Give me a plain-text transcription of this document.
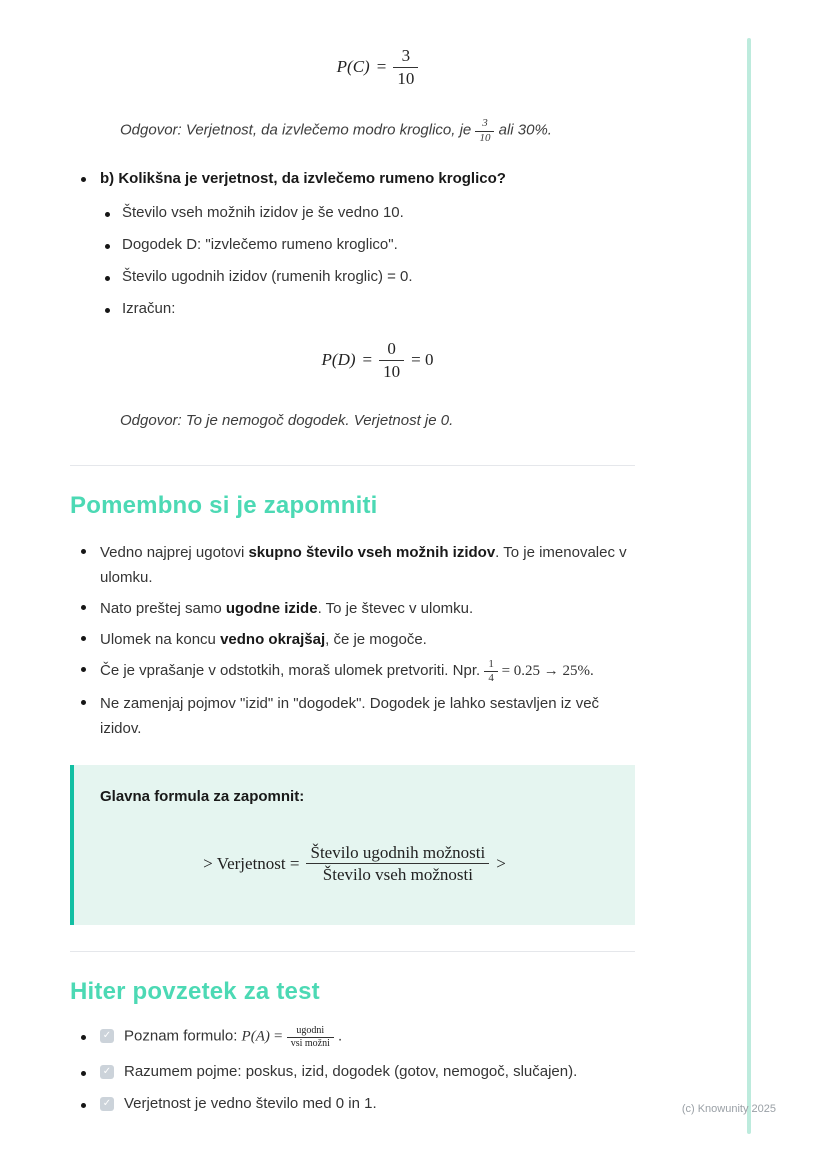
$P(C) = \frac{3}{10}$

Odgovor: Verjetnost, da izvlečemo modro kroglico, je $\frac{3}{10}$ ali 30%.

b) Kolikšna je verjetnost, da izvlečemo rumeno kroglico?
Število vseh možnih izidov je še vedno 10.
Dogodek D: "izvlečemo rumeno kroglico".
Število ugodnih izidov (rumenih kroglic) = 0.
Izračun:
$P(D) = \frac{0}{10} = 0$

Odgovor: To je nemogoč dogodek. Verjetnost je 0.

Pomembno si je zapomniti
Vedno najprej ugotovi skupno število vseh možnih izidov. To je imenovalec v ulomku.
Nato preštej samo ugodne izide. To je števec v ulomku.
Ulomek na koncu vedno okrajšaj, če je mogoče.
Če je vprašanje v odstotkih, moraš ulomek pretvoriti. Npr. $\frac{1}{4} = 0.25 \to 25\%$.
Ne zamenjaj pojmov "izid" in "dogodek". Dogodek je lahko sestavljen iz več izidov.
Glavna formula za zapomnit:
> Verjetnost = $\frac{\text{Število ugodnih možnosti}}{\text{Število vseh možnosti}}$ >
Hiter povzetek za test
✓ Poznam formulo: $P(A) = \frac{\text{ugodni}}{\text{vsi možni}}$ .
✓ Razumem pojme: poskus, izid, dogodek (gotov, nemogoč, slučajen).
✓ Verjetnost je vedno število med 0 in 1.	(c) Knowunity 2025
